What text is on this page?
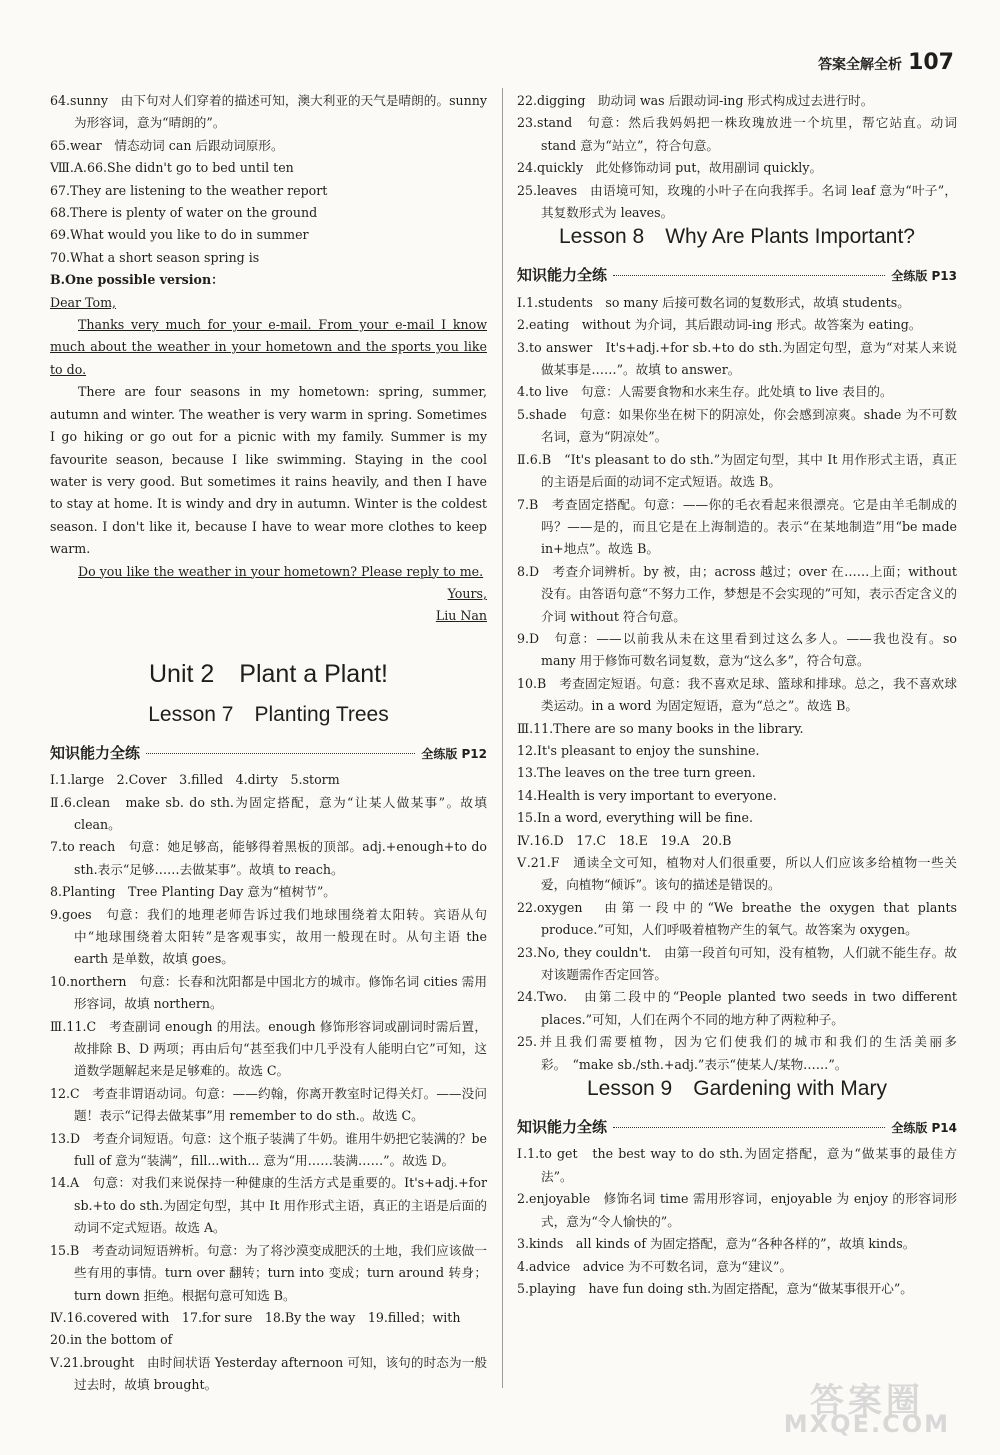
答案全解全析 107

64.sunny　由下句对人们穿着的描述可知，澳大利亚的天气是晴朗的。sunny 为形容词，意为“晴朗的”。

65.wear　情态动词 can 后跟动词原形。

Ⅷ.A.66.She didn't go to bed until ten

67.They are listening to the weather report

68.There is plenty of water on the ground

69.What would you like to do in summer

70.What a short season spring is

B.One possible version：

Dear Tom,

Thanks very much for your e-mail. From your e-mail I know much about the weather in your hometown and the sports you like to do.

There are four seasons in my hometown: spring, summer, autumn and winter. The weather is very warm in spring. Sometimes I go hiking or go out for a picnic with my family. Summer is my favourite season, because I like swimming. Staying in the cool water is very good. But sometimes it rains heavily, and then I have to stay at home. It is windy and dry in autumn. Winter is the coldest season. I don't like it, because I have to wear more clothes to keep warm.

Do you like the weather in your hometown? Please reply to me.

Yours,

Liu Nan

Unit 2　Plant a Plant!
Lesson 7　Planting Trees
知识能力全练	全练版 P12

Ⅰ.1.large　2.Cover　3.filled　4.dirty　5.storm

Ⅱ.6.clean　make sb. do sth.为固定搭配，意为“让某人做某事”。故填 clean。

7.to reach　句意：她足够高，能够得着黑板的顶部。adj.+enough+to do sth.表示“足够……去做某事”。故填 to reach。

8.Planting　Tree Planting Day 意为“植树节”。

9.goes　句意：我们的地理老师告诉过我们地球围绕着太阳转。宾语从句中“地球围绕着太阳转”是客观事实，故用一般现在时。从句主语 the earth 是单数，故填 goes。

10.northern　句意：长春和沈阳都是中国北方的城市。修饰名词 cities 需用形容词，故填 northern。

Ⅲ.11.C　考查副词 enough 的用法。enough 修饰形容词或副词时需后置，故排除 B、D 两项；再由后句“甚至我们中几乎没有人能明白它”可知，这道数学题解起来是足够难的。故选 C。

12.C　考查非谓语动词。句意：——约翰，你离开教室时记得关灯。——没问题！表示“记得去做某事”用 remember to do sth.。故选 C。

13.D　考查介词短语。句意：这个瓶子装满了牛奶。谁用牛奶把它装满的？be full of 意为“装满”，fill...with... 意为“用……装满……”。故选 D。

14.A　句意：对我们来说保持一种健康的生活方式是重要的。It's+adj.+for sb.+to do sth.为固定句型，其中 It 用作形式主语，真正的主语是后面的动词不定式短语。故选 A。

15.B　考查动词短语辨析。句意：为了将沙漠变成肥沃的土地，我们应该做一些有用的事情。turn over 翻转；turn into 变成；turn around 转身；turn down 拒绝。根据句意可知选 B。

Ⅳ.16.covered with　17.for sure　18.By the way　19.filled；with

20.in the bottom of

Ⅴ.21.brought　由时间状语 Yesterday afternoon 可知，该句的时态为一般过去时，故填 brought。

22.digging　助动词 was 后跟动词-ing 形式构成过去进行时。

23.stand　句意：然后我妈妈把一株玫瑰放进一个坑里，帮它站直。动词 stand 意为“站立”，符合句意。

24.quickly　此处修饰动词 put，故用副词 quickly。

25.leaves　由语境可知，玫瑰的小叶子在向我挥手。名词 leaf 意为“叶子”，其复数形式为 leaves。

Lesson 8　Why Are Plants Important?
知识能力全练	全练版 P13

Ⅰ.1.students　so many 后接可数名词的复数形式，故填 students。

2.eating　without 为介词，其后跟动词-ing 形式。故答案为 eating。

3.to answer　It's+adj.+for sb.+to do sth.为固定句型，意为“对某人来说做某事是……”。故填 to answer。

4.to live　句意：人需要食物和水来生存。此处填 to live 表目的。

5.shade　句意：如果你坐在树下的阴凉处，你会感到凉爽。shade 为不可数名词，意为“阴凉处”。

Ⅱ.6.B　“It's pleasant to do sth.”为固定句型，其中 It 用作形式主语，真正的主语是后面的动词不定式短语。故选 B。

7.B　考查固定搭配。句意：——你的毛衣看起来很漂亮。它是由羊毛制成的吗？——是的，而且它是在上海制造的。表示“在某地制造”用“be made in+地点”。故选 B。

8.D　考查介词辨析。by 被，由；across 越过；over 在……上面；without 没有。由答语句意“不努力工作，梦想是不会实现的”可知，表示否定含义的介词 without 符合句意。

9.D　句意：——以前我从未在这里看到过这么多人。——我也没有。so many 用于修饰可数名词复数，意为“这么多”，符合句意。

10.B　考查固定短语。句意：我不喜欢足球、篮球和排球。总之，我不喜欢球类运动。in a word 为固定短语，意为“总之”。故选 B。

Ⅲ.11.There are so many books in the library.

12.It's pleasant to enjoy the sunshine.

13.The leaves on the tree turn green.

14.Health is very important to everyone.

15.In a word, everything will be fine.

Ⅳ.16.D　17.C　18.E　19.A　20.B

Ⅴ.21.F　通读全文可知，植物对人们很重要，所以人们应该多给植物一些关爱，向植物“倾诉”。该句的描述是错误的。

22.oxygen　由第一段中的“We breathe the oxygen that plants produce.”可知，人们呼吸着植物产生的氧气。故答案为 oxygen。

23.No, they couldn't.　由第一段首句可知，没有植物，人们就不能生存。故对该题需作否定回答。

24.Two.　由第二段中的“People planted two seeds in two different places.”可知，人们在两个不同的地方种了两粒种子。

25.并且我们需要植物，因为它们使我们的城市和我们的生活美丽多彩。　“make sb./sth.+adj.”表示“使某人/某物……”。

Lesson 9　Gardening with Mary
知识能力全练	全练版 P14

Ⅰ.1.to get　the best way to do sth.为固定搭配，意为“做某事的最佳方法”。

2.enjoyable　修饰名词 time 需用形容词，enjoyable 为 enjoy 的形容词形式，意为“令人愉快的”。

3.kinds　all kinds of 为固定搭配，意为“各种各样的”，故填 kinds。

4.advice　advice 为不可数名词，意为“建议”。

5.playing　have fun doing sth.为固定搭配，意为“做某事很开心”。

答案圈
MXQE.COM
